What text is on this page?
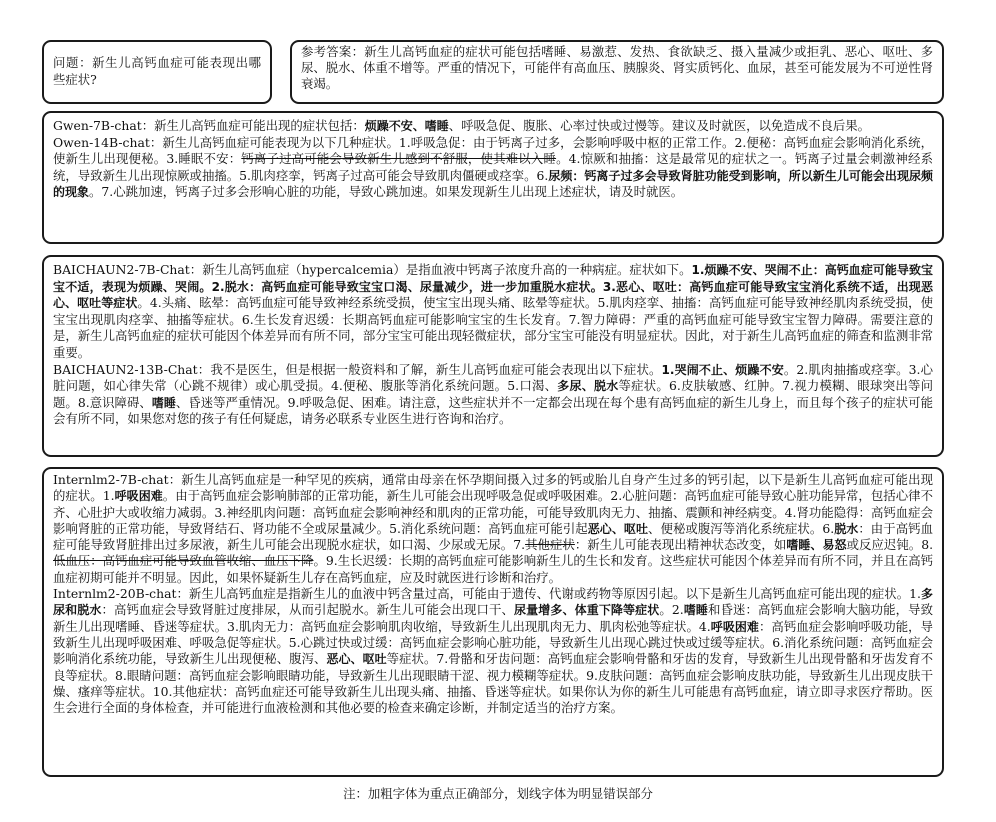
问题：新生儿高钙血症可能表现出哪些症状?

参考答案：新生儿高钙血症的症状可能包括嗜睡、易激惹、发热、食欲缺乏、摄入量减少或拒乳、恶心、呕吐、多尿、脱水、体重不增等。严重的情况下，可能伴有高血压、胰腺炎、肾实质钙化、血尿，甚至可能发展为不可逆性肾衰竭。

Gwen-7B-chat：新生儿高钙血症可能出现的症状包括：烦躁不安、嗜睡、呼吸急促、腹胀、心率过快或过慢等。建议及时就医，以免造成不良后果。

Owen-14B-chat：新生儿高钙血症可能表现为以下几种症状。1.呼吸急促：由于钙离子过多，会影响呼吸中枢的正常工作。2.便秘：高钙血症会影响消化系统，使新生儿出现便秘。3.睡眠不安：钙离子过高可能会导致新生儿感到不舒服，使其难以入睡。4.惊厥和抽搐：这是最常见的症状之一。钙离子过量会刺激神经系统，导致新生儿出现惊厥或抽搐。5.肌肉痉挛，钙离子过高可能会导致肌肉僵硬或痉挛。6.尿频：钙离子过多会导致肾脏功能受到影响，所以新生儿可能会出现尿频的现象。7.心跳加速，钙离子过多会形响心脏的功能，导致心跳加速。如果发现新生儿出现上述症状，请及时就医。

BAICHAUN2-7B-Chat：新生儿高钙血症（hypercalcemia）是指血液中钙离子浓度升高的一种病症。症状如下。1.烦躁不安、哭闹不止：高钙血症可能导致宝宝不适，表现为烦躁、哭闹。2.脱水：高钙血症可能导致宝宝口渴、尿量减少，进一步加重脱水症状。3.恶心、呕吐：高钙血症可能导致宝宝消化系统不适，出现恶心、呕吐等症状。4.头痛、眩晕：高钙血症可能导致神经系统受损，使宝宝出现头痛、眩晕等症状。5.肌肉痉挛、抽搐：高钙血症可能导致神经肌肉系统受损，使宝宝出现肌肉痉挛、抽搐等症状。6.生长发育迟缓：长期高钙血症可能影响宝宝的生长发育。7.智力障碍：严重的高钙血症可能导致宝宝智力障碍。需要注意的是，新生儿高钙血症的症状可能因个体差异而有所不同，部分宝宝可能出现轻微症状，部分宝宝可能没有明显症状。因此，对于新生儿高钙血症的筛查和监测非常重要。

BAICHAUN2-13B-Chat：我不是医生，但是根据一般资料和了解，新生儿高钙血症可能会表现出以下症状。1.哭闹不止、烦躁不安。2.肌肉抽搐或痉挛。3.心脏问题，如心律失常（心跳不规律）或心肌受损。4.便秘、腹胀等消化系统问题。5.口渴、多尿、脱水等症状。6.皮肤敏感、红肿。7.视力模糊、眼球突出等问题。8.意识障碍、嗜睡、昏迷等严重情况。9.呼吸急促、困难。请注意，这些症状并不一定都会出现在每个患有高钙血症的新生儿身上，而且每个孩子的症状可能会有所不同，如果您对您的孩子有任何疑虑，请务必联系专业医生进行咨询和治疗。

Internlm2-7B-chat：新生儿高钙血症是一种罕见的疾病，通常由母亲在怀孕期间摄入过多的钙或胎儿自身产生过多的钙引起，以下是新生儿高钙血症可能出现的症状。1.呼吸困难。由于高钙血症会影响肺部的正常功能，新生儿可能会出现呼吸急促或呼吸困难。2.心脏问题：高钙血症可能导致心脏功能异常，包括心律不齐、心肚护大或收缩力减弱。3.神经肌肉问题：高钙血症会影响神经和肌肉的正常功能，可能导致肌肉无力、抽搐、震颤和神经病变。4.肾功能隐得：高钙血症会影响肾脏的正常功能，导致肾结石、肾功能不全或尿量减少。5.消化系统问题：高钙血症可能引起恶心、呕吐、便秘或腹泻等消化系统症状。6.脱水：由于高钙血症可能导致肾脏排出过多尿液，新生儿可能会出现脱水症状，如口渴、少尿或无尿。7.其他症状：新生儿可能表现出精神状态改变，如嗜睡、易怒或反应迟钝。8.低血压：高钙血症可能导致血管收缩、血压下降。9.生长迟缓：长期的高钙血症可能影响新生儿的生长和发育。这些症状可能因个体差异而有所不同，并且在高钙血症初期可能并不明显。因此，如果怀疑新生儿存在高钙血症，应及时就医进行诊断和治疗。

Internlm2-20B-chat：新生儿高钙血症是指新生儿的血液中钙含量过高，可能由于遗传、代谢或药物等原因引起。以下是新生儿高钙血症可能出现的症状。1.多尿和脱水：高钙血症会导致肾脏过度排尿，从而引起脱水。新生儿可能会出现口干、尿量增多、体重下降等症状。2.嗜睡和昏迷：高钙血症会影响大脑功能，导致新生儿出现嗜睡、昏迷等症状。3.肌肉无力：高钙血症会影响肌肉收缩，导致新生儿出现肌肉无力、肌肉松弛等症状。4.呼吸困难：高钙血症会影响呼吸功能，导致新生儿出现呼吸困难、呼吸急促等症状。5.心跳过快或过缓：高钙血症会影响心脏功能，导致新生儿出现心跳过快或过缓等症状。6.消化系统问题：高钙血症会影响消化系统功能，导致新生儿出现便秘、腹泻、恶心、呕吐等症状。7.骨骼和牙齿问题：高钙血症会影响骨骼和牙齿的发育，导致新生儿出现骨骼和牙齿发育不良等症状。8.眼睛问题：高钙血症会影响眼睛功能，导致新生儿出现眼睛干涩、视力模糊等症状。9.皮肤问题：高钙血症会影响皮肤功能，导致新生儿出现皮肤干燥、瘙痒等症状。10.其他症状：高钙血症还可能导致新生儿出现头痛、抽搐、昏迷等症状。如果你认为你的新生儿可能患有高钙血症，请立即寻求医疗帮助。医生会进行全面的身体检查，并可能进行血液检测和其他必要的检查来确定诊断，并制定适当的治疗方案。

注：加粗字体为重点正确部分，划线字体为明显错误部分
